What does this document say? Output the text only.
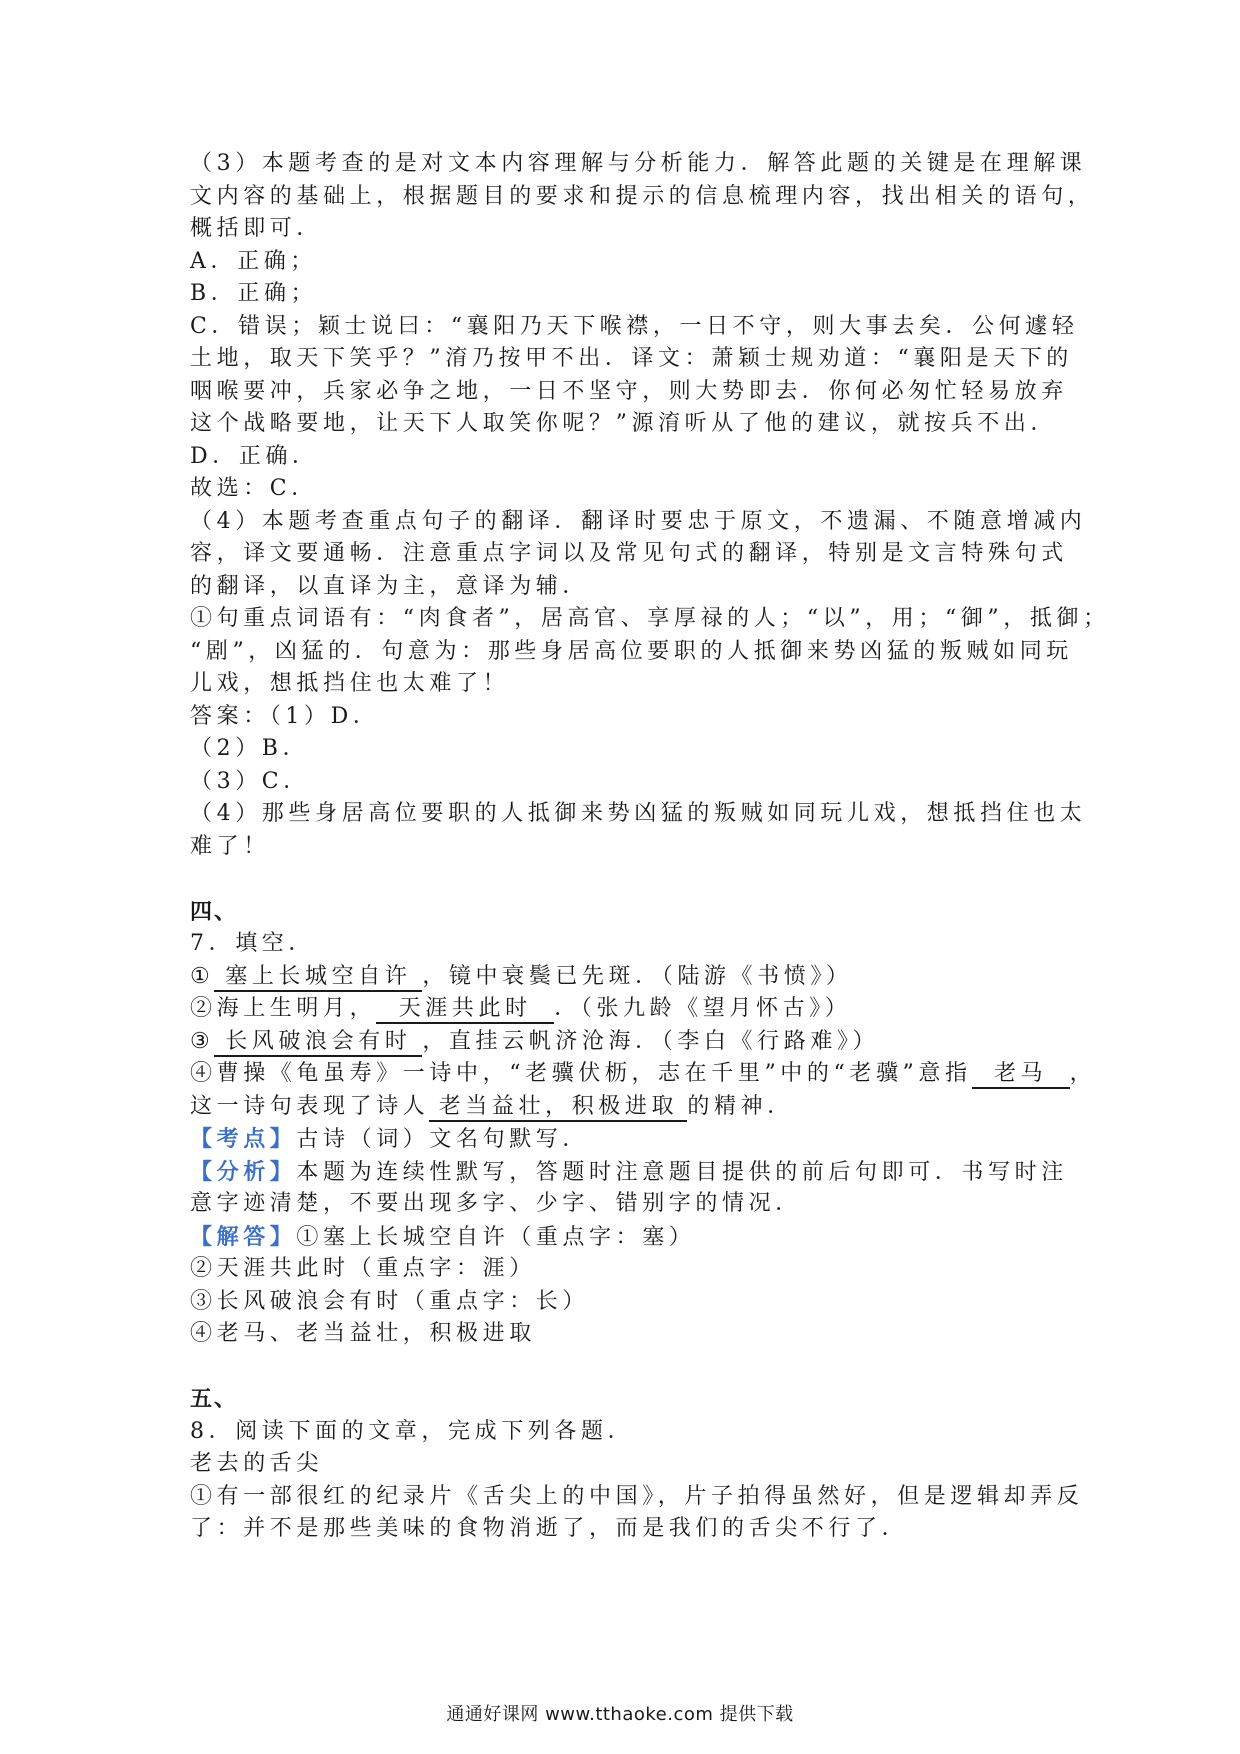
（3）本题考查的是对文本内容理解与分析能力．解答此题的关键是在理解课
文内容的基础上，根据题目的要求和提示的信息梳理内容，找出相关的语句，
概括即可．
A．正确；
B．正确；
C．错误；颖士说曰：“襄阳乃天下喉襟，一日不守，则大事去矣．公何遽轻
土地，取天下笑乎？”淯乃按甲不出．译文：萧颖士规劝道：“襄阳是天下的
咽喉要冲，兵家必争之地，一日不坚守，则大势即去．你何必匆忙轻易放弃
这个战略要地，让天下人取笑你呢？”源淯听从了他的建议，就按兵不出．
D．正确．
故选：C．
（4）本题考查重点句子的翻译．翻译时要忠于原文，不遗漏、不随意增减内
容，译文要通畅．注意重点字词以及常见句式的翻译，特别是文言特殊句式
的翻译，以直译为主，意译为辅．
①句重点词语有：“肉食者”，居高官、享厚禄的人；“以”，用；“御”，抵御；
“剧”，凶猛的．句意为：那些身居高位要职的人抵御来势凶猛的叛贼如同玩
儿戏，想抵挡住也太难了！
答案：（1）D．
（2）B．
（3）C．
（4）那些身居高位要职的人抵御来势凶猛的叛贼如同玩儿戏，想抵挡住也太
难了！
四、
7．填空．
① 塞上长城空自许 ，镜中衰鬓已先斑．（陆游《书愤》）
②海上生明月， 天涯共此时 ．（张九龄《望月怀古》）
③ 长风破浪会有时 ，直挂云帆济沧海．（李白《行路难》）
④曹操《龟虽寿》一诗中，“老骥伏枥，志在千里”中的“老骥”意指 老马 ，
这一诗句表现了诗人 老当益壮，积极进取 的精神．
【考点】古诗（词）文名句默写．
【分析】本题为连续性默写，答题时注意题目提供的前后句即可．书写时注
意字迹清楚，不要出现多字、少字、错别字的情况．
【解答】①塞上长城空自许（重点字：塞）
②天涯共此时（重点字：涯）
③长风破浪会有时（重点字：长）
④老马、老当益壮，积极进取
五、
8．阅读下面的文章，完成下列各题．
老去的舌尖
①有一部很红的纪录片《舌尖上的中国》，片子拍得虽然好，但是逻辑却弄反
了：并不是那些美味的食物消逝了，而是我们的舌尖不行了．
通通好课网 www.tthaoke.com 提供下载
